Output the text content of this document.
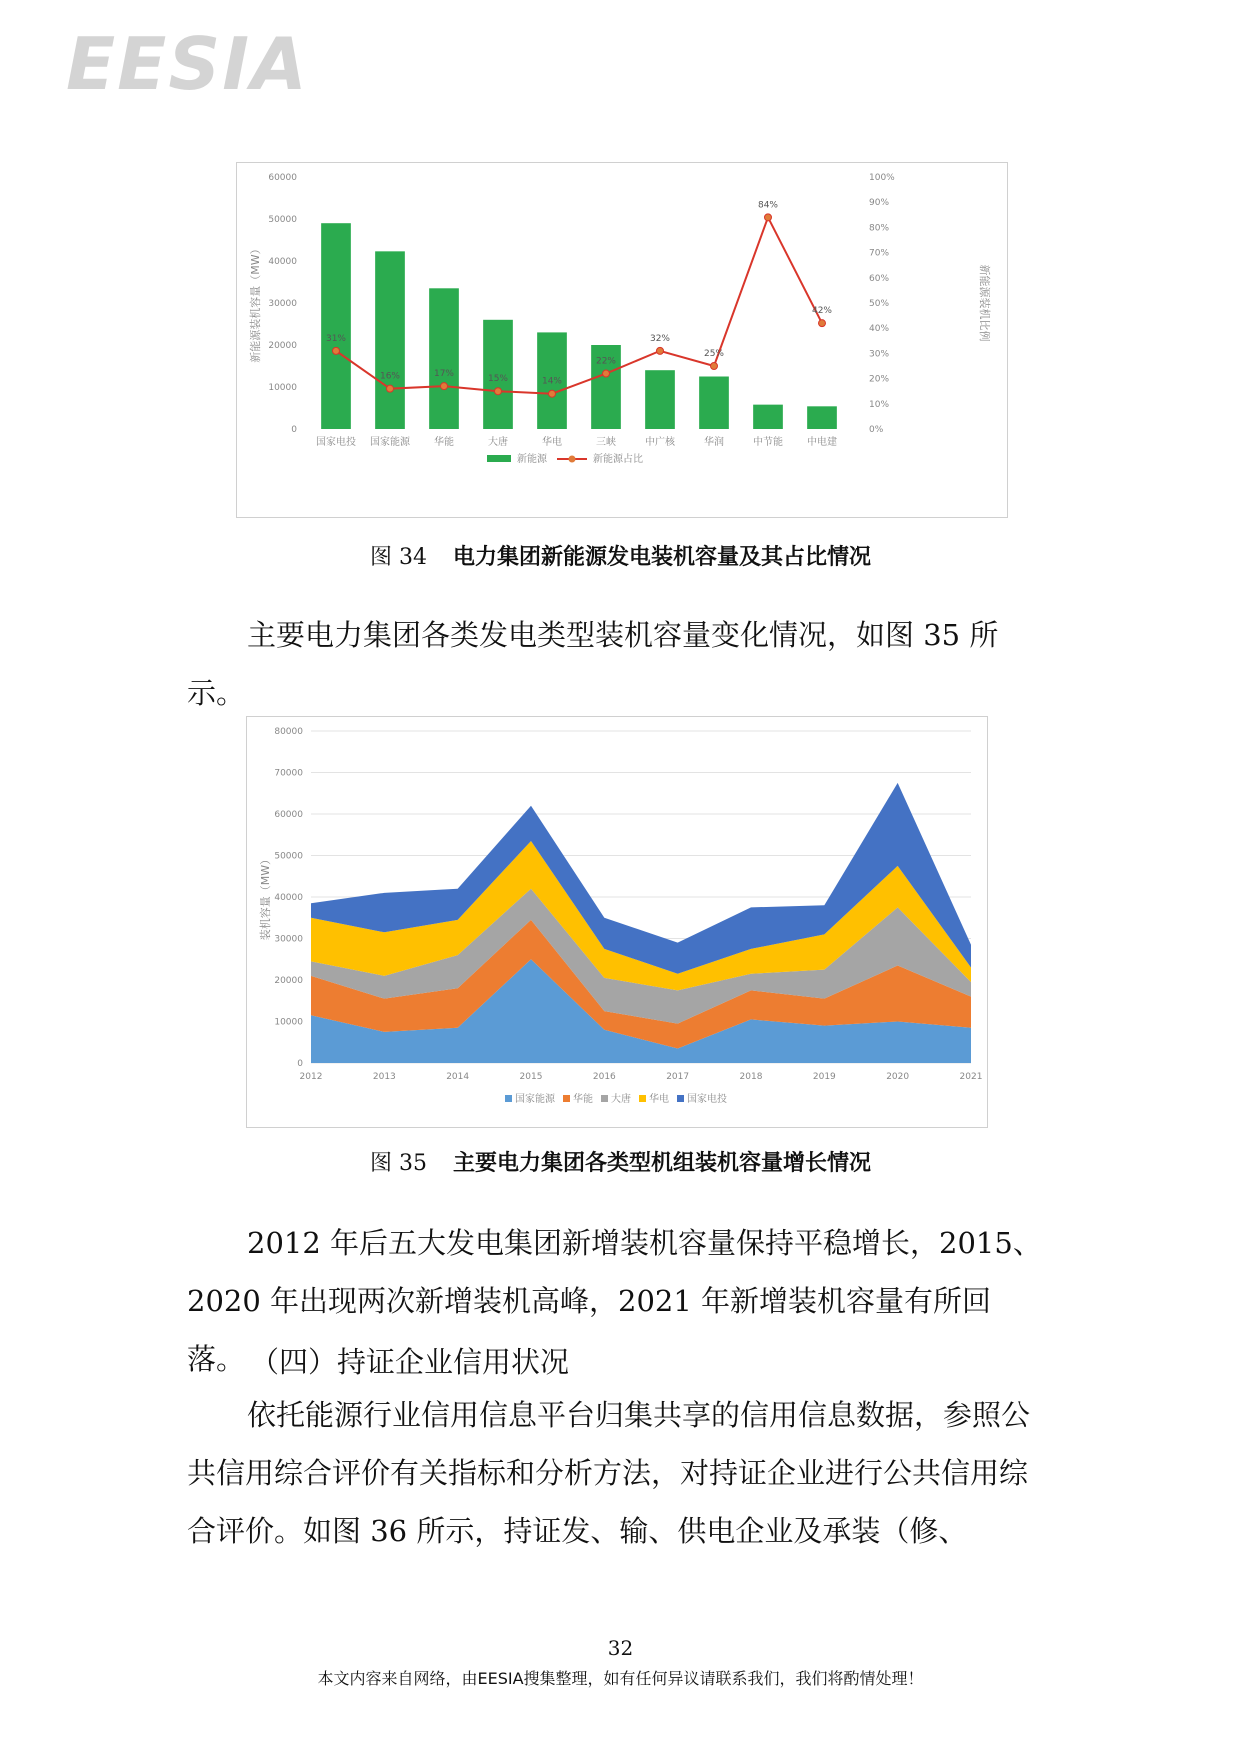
EESIA
0
10000
20000
30000
40000
50000
60000
0%
10%
20%
30%
40%
50%
60%
70%
80%
90%
100%
新能源装机容量（MW）	新能源装机比例
国家电投 国家能源 华能	大唐	华电	三峡	中广核	华润	中节能 中电建
31%
16%	17%
15%	14%
22%
32%
25%
84%
42%
新能源	新能源占比
图 34 电力集团新能源发电装机容量及其占比情况
主要电力集团各类发电类型装机容量变化情况，如图 35 所示。
0
10000
20000
30000
40000
50000
60000
70000
80000
装机容量（MW）
2012	2013	2014	2015	2016	2017	2018	2019	2020	2021
国家能源 华能 大唐 华电 国家电投
图 35 主要电力集团各类型机组装机容量增长情况
2012 年后五大发电集团新增装机容量保持平稳增长，2015、2020 年出现两次新增装机高峰，2021 年新增装机容量有所回落。 （四）持证企业信用状况
依托能源行业信用信息平台归集共享的信用信息数据，参照公共信用综合评价有关指标和分析方法，对持证企业进行公共信用综合评价。如图 36 所示，持证发、输、供电企业及承装（修、
32
本文内容来自网络，由EESIA搜集整理，如有任何异议请联系我们，我们将酌情处理！
